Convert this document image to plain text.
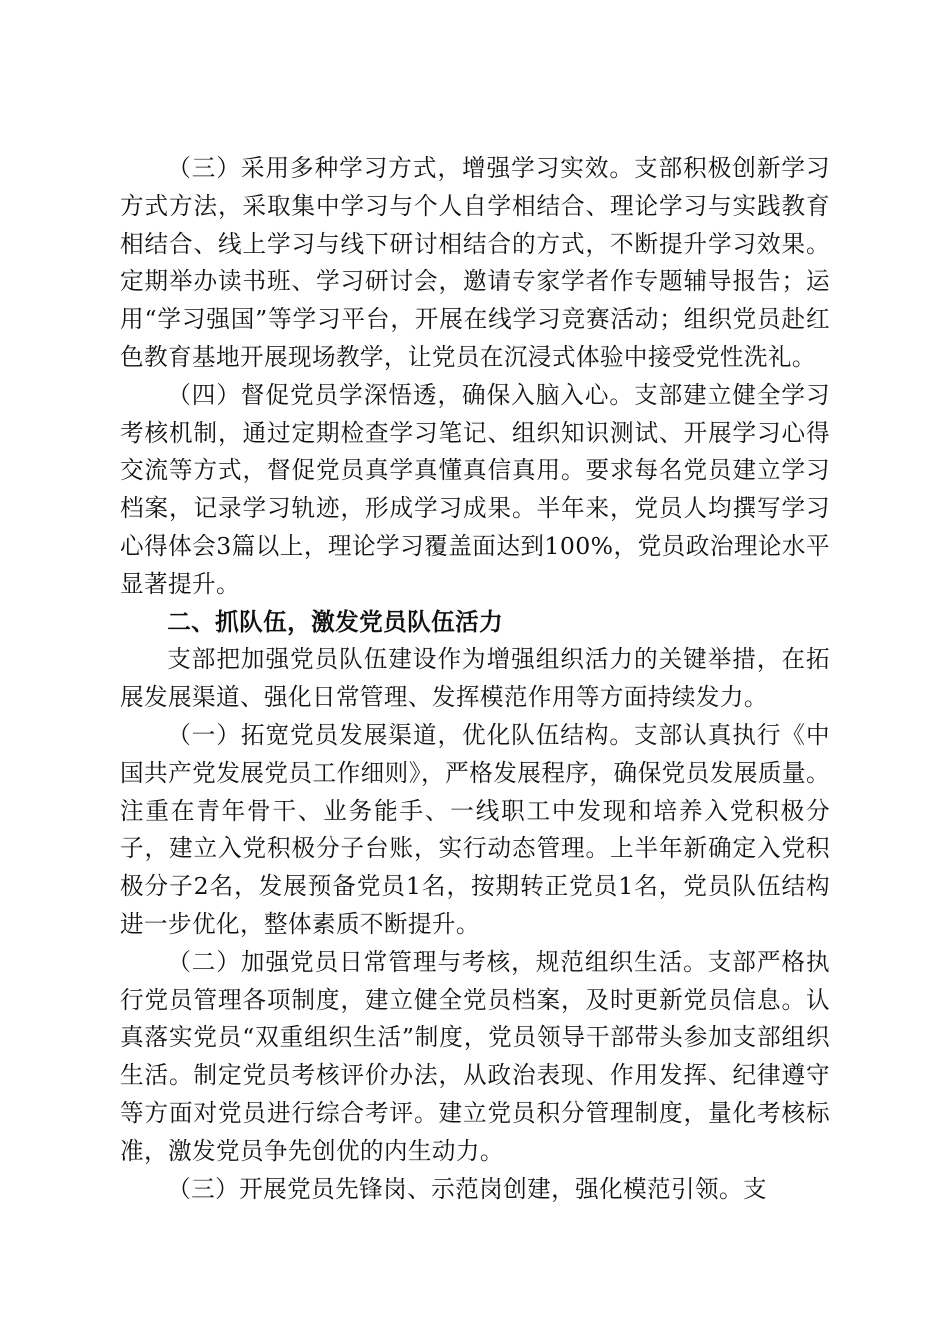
（三）采用多种学习方式，增强学习实效。支部积极创新学习方式方法，采取集中学习与个人自学相结合、理论学习与实践教育相结合、线上学习与线下研讨相结合的方式，不断提升学习效果。定期举办读书班、学习研讨会，邀请专家学者作专题辅导报告；运用“学习强国”等学习平台，开展在线学习竞赛活动；组织党员赴红色教育基地开展现场教学，让党员在沉浸式体验中接受党性洗礼。

（四）督促党员学深悟透，确保入脑入心。支部建立健全学习考核机制，通过定期检查学习笔记、组织知识测试、开展学习心得交流等方式，督促党员真学真懂真信真用。要求每名党员建立学习档案，记录学习轨迹，形成学习成果。半年来，党员人均撰写学习心得体会3篇以上，理论学习覆盖面达到100%，党员政治理论水平显著提升。

二、抓队伍，激发党员队伍活力

支部把加强党员队伍建设作为增强组织活力的关键举措，在拓展发展渠道、强化日常管理、发挥模范作用等方面持续发力。

（一）拓宽党员发展渠道，优化队伍结构。支部认真执行《中国共产党发展党员工作细则》，严格发展程序，确保党员发展质量。注重在青年骨干、业务能手、一线职工中发现和培养入党积极分子，建立入党积极分子台账，实行动态管理。上半年新确定入党积极分子2名，发展预备党员1名，按期转正党员1名，党员队伍结构进一步优化，整体素质不断提升。

（二）加强党员日常管理与考核，规范组织生活。支部严格执行党员管理各项制度，建立健全党员档案，及时更新党员信息。认真落实党员“双重组织生活”制度，党员领导干部带头参加支部组织生活。制定党员考核评价办法，从政治表现、作用发挥、纪律遵守等方面对党员进行综合考评。建立党员积分管理制度，量化考核标准，激发党员争先创优的内生动力。

（三）开展党员先锋岗、示范岗创建，强化模范引领。支
